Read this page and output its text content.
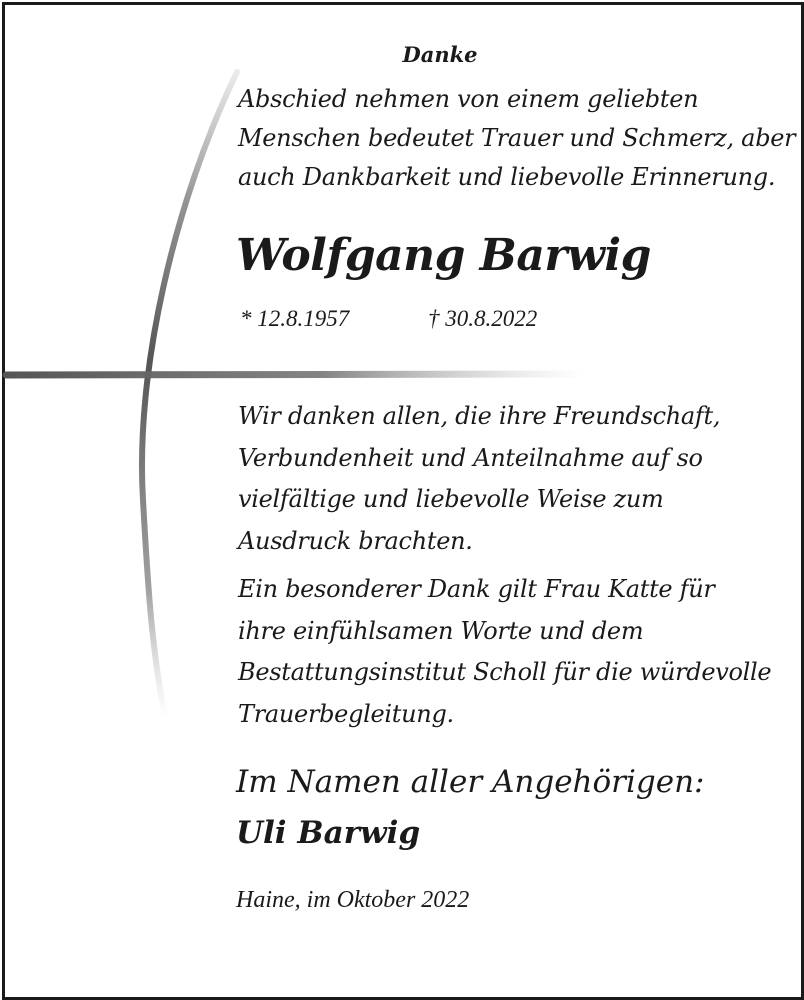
Danke
Abschied nehmen von einem geliebten
Menschen bedeutet Trauer und Schmerz, aber
auch Dankbarkeit und liebevolle Erinnerung.
Wolfgang Barwig
* 12.8.1957	† 30.8.2022
Wir danken allen, die ihre Freundschaft,
Verbundenheit und Anteilnahme auf so
vielfältige und liebevolle Weise zum
Ausdruck brachten.
Ein besonderer Dank gilt Frau Katte für
ihre einfühlsamen Worte und dem
Bestattungsinstitut Scholl für die würdevolle
Trauerbegleitung.
Im Namen aller Angehörigen:
Uli Barwig
Haine, im Oktober 2022
